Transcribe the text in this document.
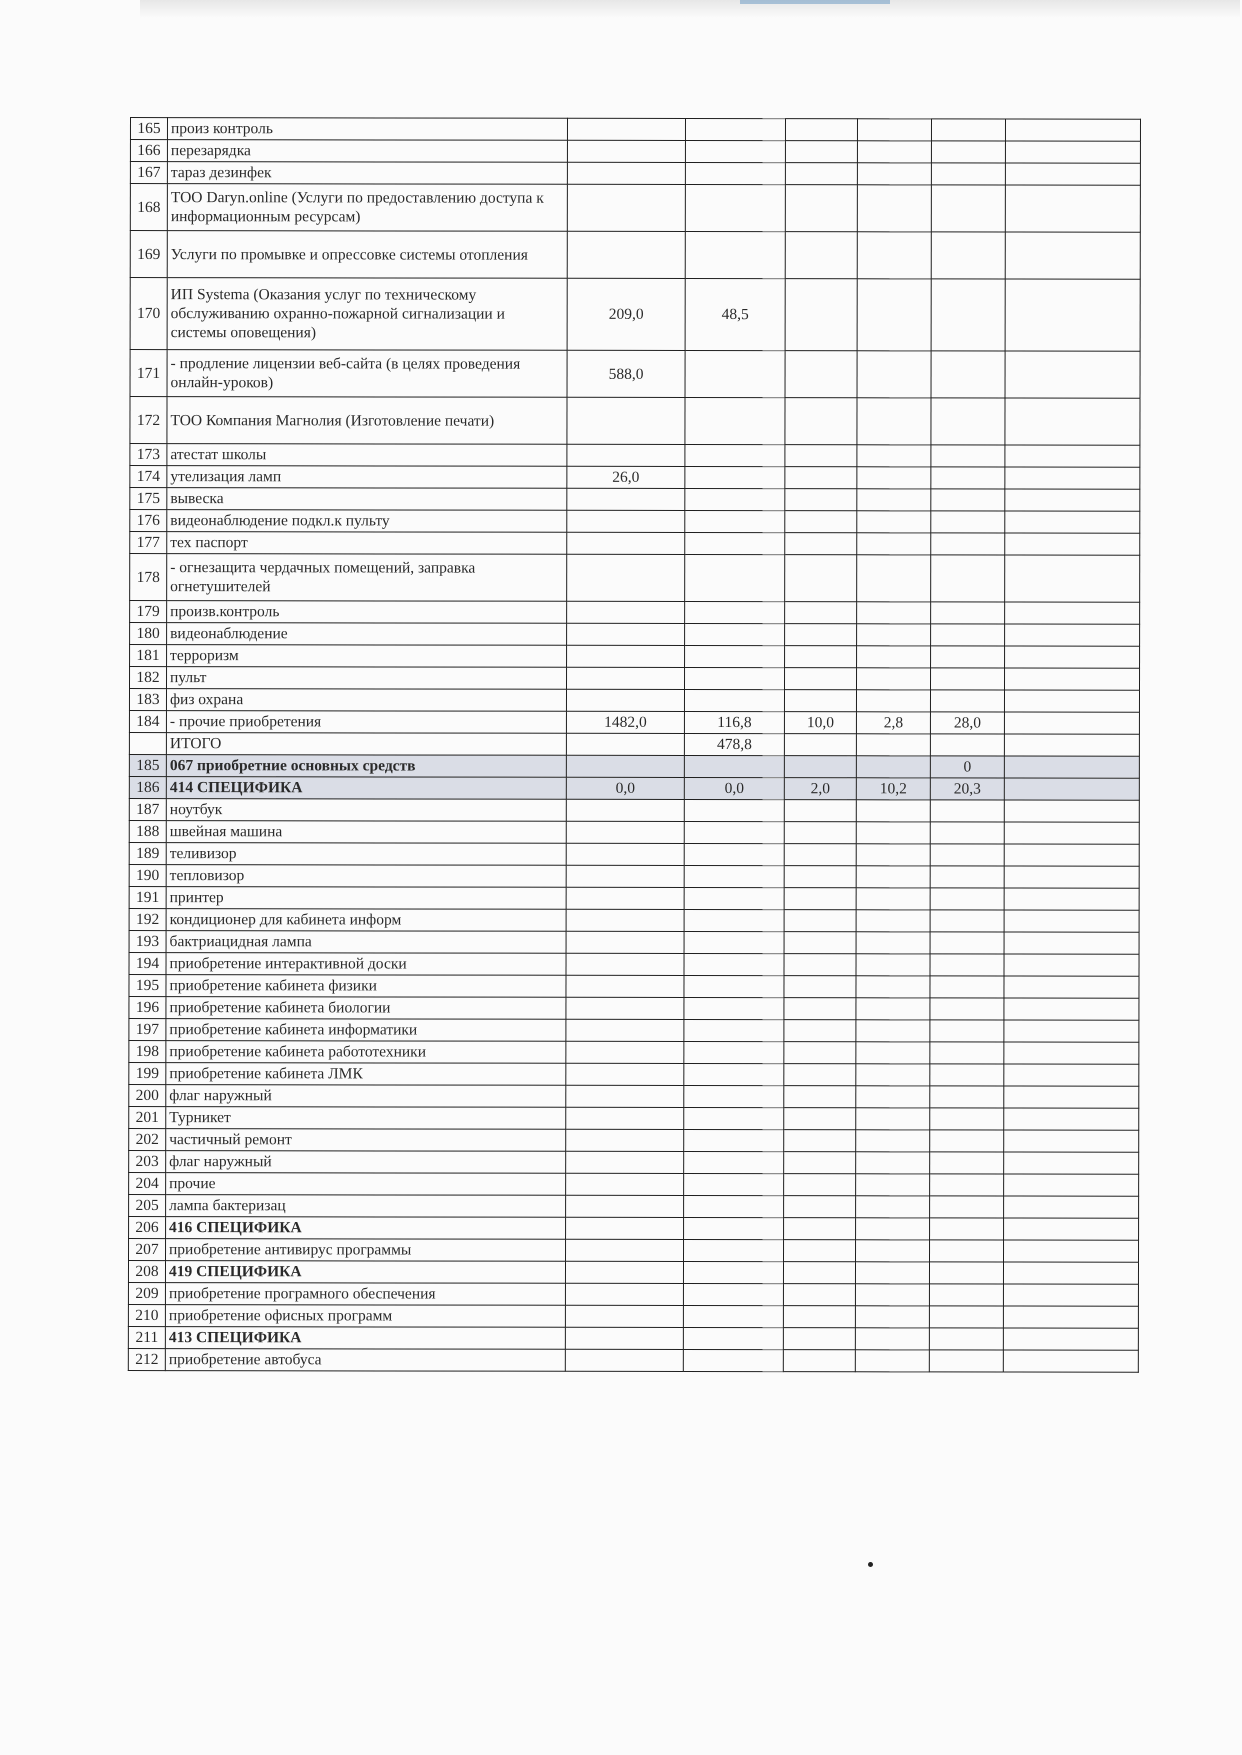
165	произ контроль						
166	перезарядка						
167	тараз дезинфек						
168	ТОО Daryn.online (Услуги по предоставлению доступа к информационным ресурсам)						
169	Услуги по промывке и опрессовке системы отопления						
170	ИП Systema (Оказания услуг по техническому обслуживанию охранно-пожарной сигнализации и системы оповещения)	209,0	48,5				
171	- продление лицензии веб-сайта (в целях проведения онлайн-уроков)	588,0					
172	ТОО Компания Магнолия (Изготовление печати)						
173	атестат школы						
174	утелизация ламп	26,0					
175	вывеска						
176	видеонаблюдение подкл.к пульту						
177	тех паспорт						
178	- огнезащита чердачных помещений, заправка огнетушителей						
179	произв.контроль						
180	видеонаблюдение						
181	терроризм						
182	пульт						
183	физ охрана						
184	- прочие приобретения	1482,0	116,8	10,0	2,8	28,0	
	ИТОГО		478,8				
185	067 приобретние основных средств					0	
186	414 СПЕЦИФИКА	0,0	0,0	2,0	10,2	20,3	
187	ноутбук						
188	швейная машина						
189	теливизор						
190	тепловизор						
191	принтер						
192	кондиционер для кабинета информ						
193	бактриацидная лампа						
194	приобретение интерактивной доски						
195	приобретение кабинета физики						
196	приобретение кабинета биологии						
197	приобретение кабинета информатики						
198	приобретение кабинета работотехники						
199	приобретение кабинета ЛМК						
200	флаг наружный						
201	Турникет						
202	частичный ремонт						
203	флаг наружный						
204	прочие						
205	лампа бактеризац						
206	416 СПЕЦИФИКА						
207	приобретение антивирус программы						
208	419 СПЕЦИФИКА						
209	приобретение програмного обеспечения						
210	приобретение офисных программ						
211	413 СПЕЦИФИКА						
212	приобретение автобуса						
